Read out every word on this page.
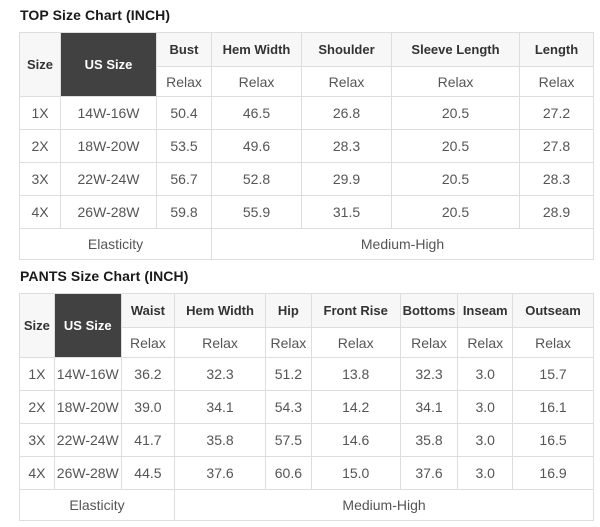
TOP Size Chart (INCH)
Size	US Size	Bust	Hem Width	Shoulder	Sleeve Length	Length
		Relax	Relax	Relax	Relax	Relax
1X	14W-16W	50.4	46.5	26.8	20.5	27.2
2X	18W-20W	53.5	49.6	28.3	20.5	27.8
3X	22W-24W	56.7	52.8	29.9	20.5	28.3
4X	26W-28W	59.8	55.9	31.5	20.5	28.9
Elasticity			Medium-High			
PANTS Size Chart (INCH)
Size	US Size	Waist	Hem Width	Hip	Front Rise	Bottoms	Inseam	Outseam
		Relax	Relax	Relax	Relax	Relax	Relax	Relax
1X	14W-16W	36.2	32.3	51.2	13.8	32.3	3.0	15.7
2X	18W-20W	39.0	34.1	54.3	14.2	34.1	3.0	16.1
3X	22W-24W	41.7	35.8	57.5	14.6	35.8	3.0	16.5
4X	26W-28W	44.5	37.6	60.6	15.0	37.6	3.0	16.9
Elasticity			Medium-High					
